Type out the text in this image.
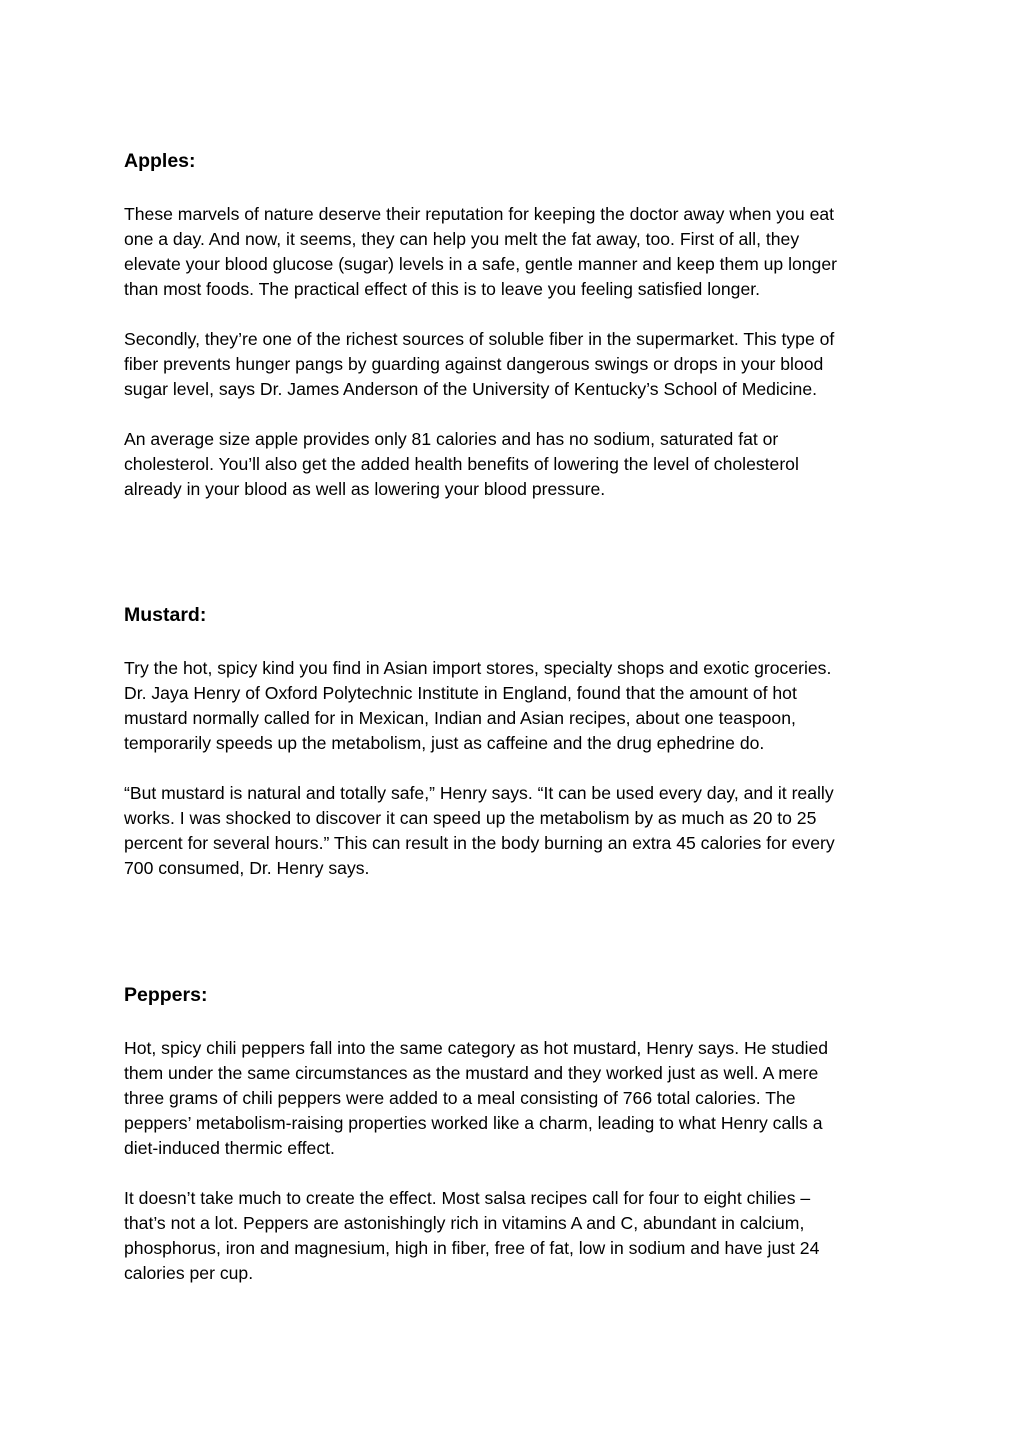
Apples:

These marvels of nature deserve their reputation for keeping the doctor away when you eat
one a day. And now, it seems, they can help you melt the fat away, too. First of all, they
elevate your blood glucose (sugar) levels in a safe, gentle manner and keep them up longer
than most foods. The practical effect of this is to leave you feeling satisfied longer.

Secondly, they’re one of the richest sources of soluble fiber in the supermarket. This type of
fiber prevents hunger pangs by guarding against dangerous swings or drops in your blood
sugar level, says Dr. James Anderson of the University of Kentucky’s School of Medicine.

An average size apple provides only 81 calories and has no sodium, saturated fat or
cholesterol. You’ll also get the added health benefits of lowering the level of cholesterol
already in your blood as well as lowering your blood pressure.

Mustard:

Try the hot, spicy kind you find in Asian import stores, specialty shops and exotic groceries.
Dr. Jaya Henry of Oxford Polytechnic Institute in England, found that the amount of hot
mustard normally called for in Mexican, Indian and Asian recipes, about one teaspoon,
temporarily speeds up the metabolism, just as caffeine and the drug ephedrine do.

“But mustard is natural and totally safe,” Henry says. “It can be used every day, and it really
works. I was shocked to discover it can speed up the metabolism by as much as 20 to 25
percent for several hours.” This can result in the body burning an extra 45 calories for every
700 consumed, Dr. Henry says.

Peppers:

Hot, spicy chili peppers fall into the same category as hot mustard, Henry says. He studied
them under the same circumstances as the mustard and they worked just as well. A mere
three grams of chili peppers were added to a meal consisting of 766 total calories. The
peppers’ metabolism-raising properties worked like a charm, leading to what Henry calls a
diet-induced thermic effect.

It doesn’t take much to create the effect. Most salsa recipes call for four to eight chilies –
that’s not a lot. Peppers are astonishingly rich in vitamins A and C, abundant in calcium,
phosphorus, iron and magnesium, high in fiber, free of fat, low in sodium and have just 24
calories per cup.
